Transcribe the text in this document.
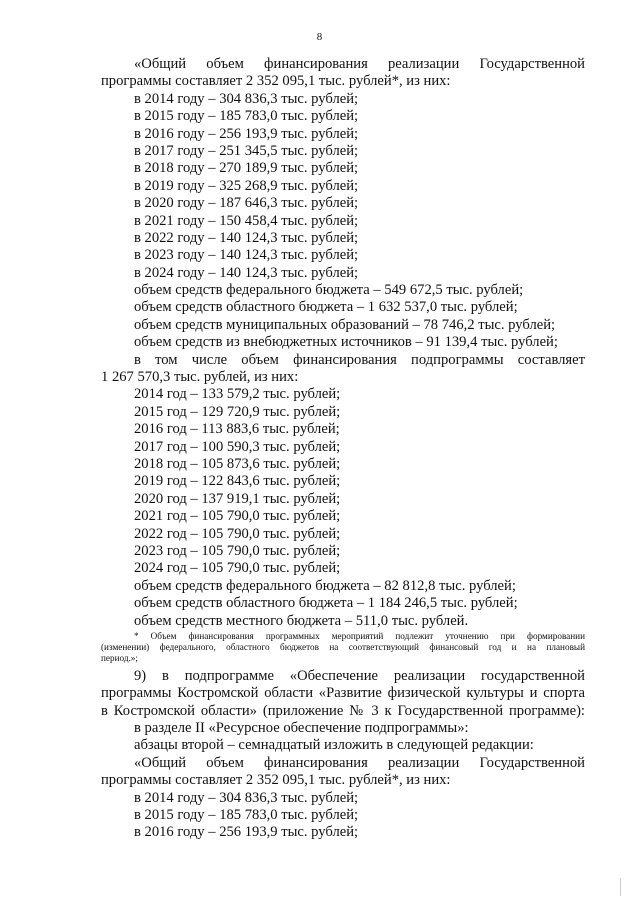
8
«Общий объем финансирования реализации Государственной
программы составляет 2 352 095,1 тыс. рублей*, из них:
в 2014 году – 304 836,3 тыс. рублей;
в 2015 году – 185 783,0 тыс. рублей;
в 2016 году – 256 193,9 тыс. рублей;
в 2017 году – 251 345,5 тыс. рублей;
в 2018 году – 270 189,9 тыс. рублей;
в 2019 году – 325 268,9 тыс. рублей;
в 2020 году – 187 646,3 тыс. рублей;
в 2021 году – 150 458,4 тыс. рублей;
в 2022 году – 140 124,3 тыс. рублей;
в 2023 году – 140 124,3 тыс. рублей;
в 2024 году – 140 124,3 тыс. рублей;
объем средств федерального бюджета – 549 672,5 тыс. рублей;
объем средств областного бюджета – 1 632 537,0 тыс. рублей;
объем средств муниципальных образований – 78 746,2 тыс. рублей;
объем средств из внебюджетных источников – 91 139,4 тыс. рублей;
в том числе объем финансирования подпрограммы составляет
1 267 570,3 тыс. рублей, из них:
2014 год – 133 579,2 тыс. рублей;
2015 год – 129 720,9 тыс. рублей;
2016 год – 113 883,6 тыс. рублей;
2017 год – 100 590,3 тыс. рублей;
2018 год – 105 873,6 тыс. рублей;
2019 год – 122 843,6 тыс. рублей;
2020 год – 137 919,1 тыс. рублей;
2021 год – 105 790,0 тыс. рублей;
2022 год – 105 790,0 тыс. рублей;
2023 год – 105 790,0 тыс. рублей;
2024 год – 105 790,0 тыс. рублей;
объем средств федерального бюджета – 82 812,8 тыс. рублей;
объем средств областного бюджета – 1 184 246,5 тыс. рублей;
объем средств местного бюджета – 511,0 тыс. рублей.
* Объем финансирования программных мероприятий подлежит уточнению при формировании
(изменении) федерального, областного бюджетов на соответствующий финансовый год и на плановый
период.»;
9) в подпрограмме «Обеспечение реализации государственной
программы Костромской области «Развитие физической культуры и спорта
в Костромской области» (приложение № 3 к Государственной программе):
в разделе II «Ресурсное обеспечение подпрограммы»:
абзацы второй – семнадцатый изложить в следующей редакции:
«Общий объем финансирования реализации Государственной
программы составляет 2 352 095,1 тыс. рублей*, из них:
в 2014 году – 304 836,3 тыс. рублей;
в 2015 году – 185 783,0 тыс. рублей;
в 2016 году – 256 193,9 тыс. рублей;
